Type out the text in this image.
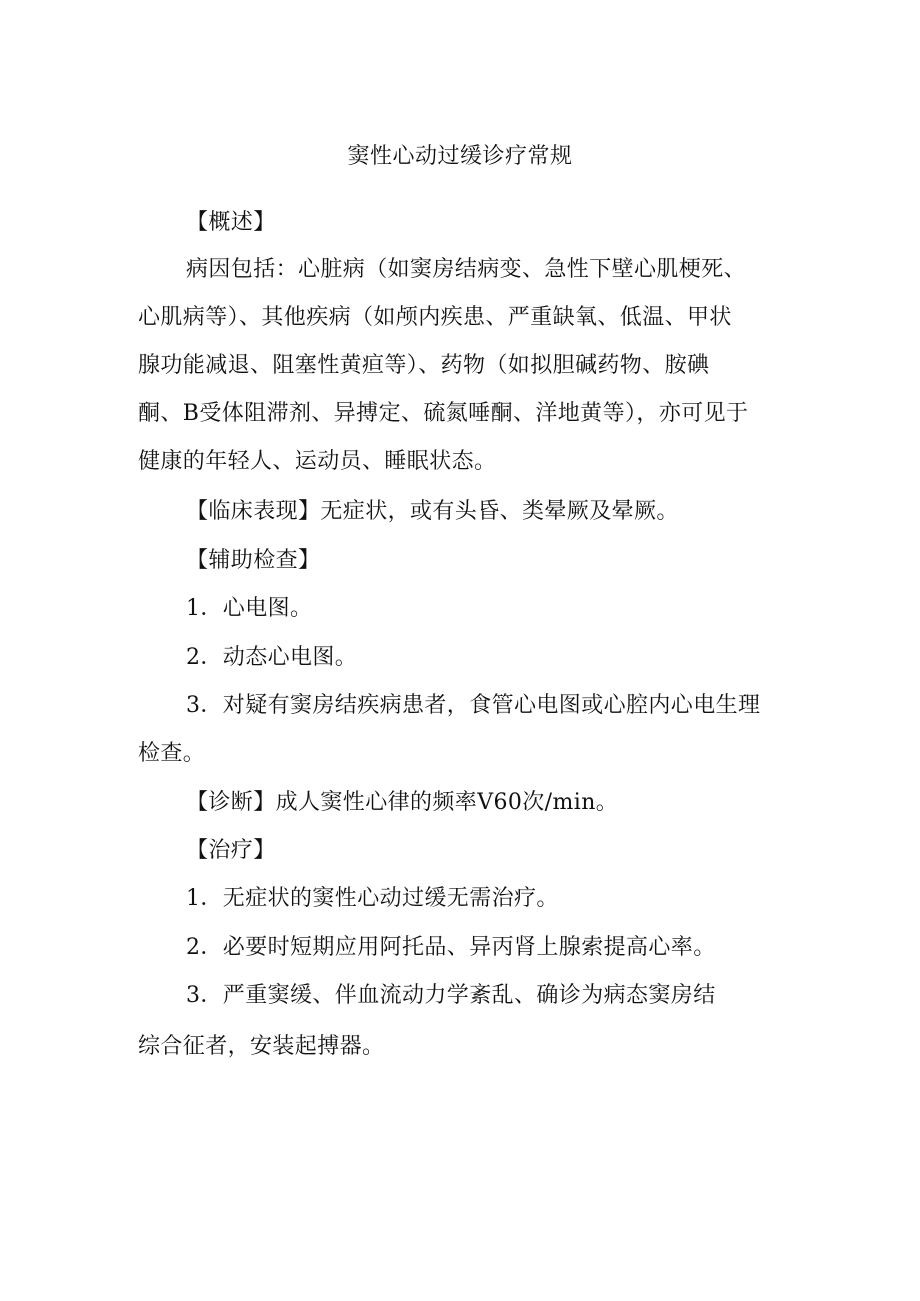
窦性心动过缓诊疗常规
【概述】
病因包括：心脏病（如窦房结病变、急性下壁心肌梗死、
心肌病等）、其他疾病（如颅内疾患、严重缺氧、低温、甲状
腺功能减退、阻塞性黄疸等）、药物（如拟胆碱药物、胺碘
酮、B受体阻滞剂、异搏定、硫氮唾酮、洋地黄等），亦可见于
健康的年轻人、运动员、睡眠状态。
【临床表现】无症状，或有头昏、类晕厥及晕厥。
【辅助检查】
1．心电图。
2．动态心电图。
3．对疑有窦房结疾病患者，食管心电图或心腔内心电生理
检查。
【诊断】成人窦性心律的频率V60次/min。
【治疗】
1．无症状的窦性心动过缓无需治疗。
2．必要时短期应用阿托品、异丙肾上腺索提高心率。
3．严重窦缓、伴血流动力学紊乱、确诊为病态窦房结
综合征者，安装起搏器。
